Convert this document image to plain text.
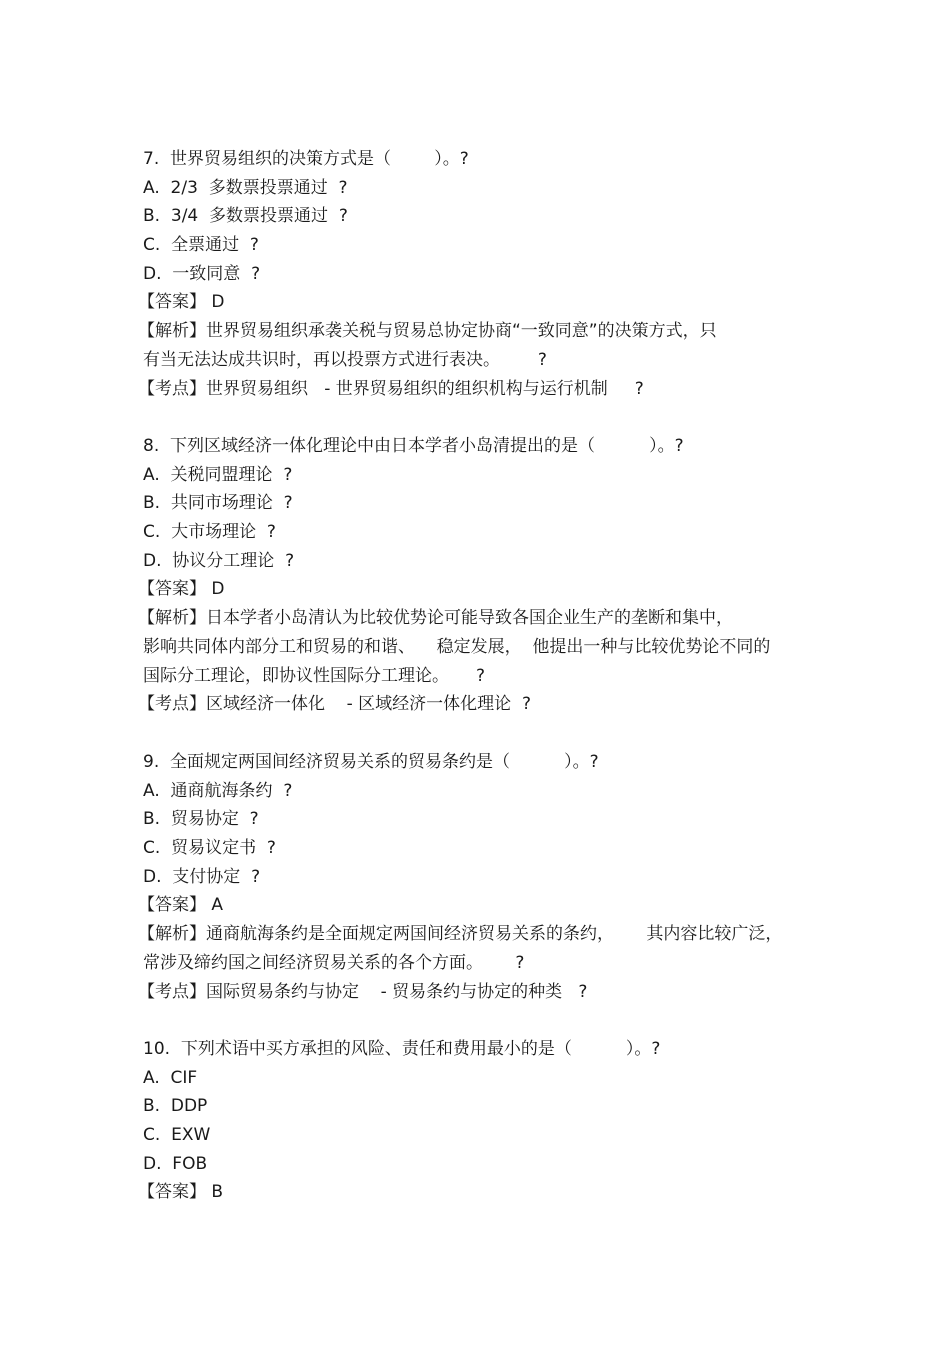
7.  世界贸易组织的决策方式是（        ）。?
A.  2/3  多数票投票通过  ?
B.  3/4  多数票投票通过  ?
C.  全票通过  ?
D.  一致同意  ?
【答案】 D
【解析】世界贸易组织承袭关税与贸易总协定协商“一致同意”的决策方式，只
有当无法达成共识时，再以投票方式进行表决。       ?
【考点】世界贸易组织   - 世界贸易组织的组织机构与运行机制     ?
8.  下列区域经济一体化理论中由日本学者小岛清提出的是（          ）。?
A.  关税同盟理论  ?
B.  共同市场理论  ?
C.  大市场理论  ?
D.  协议分工理论  ?
【答案】 D
【解析】日本学者小岛清认为比较优势论可能导致各国企业生产的垄断和集中，
影响共同体内部分工和贸易的和谐、    稳定发展，  他提出一种与比较优势论不同的
国际分工理论，即协议性国际分工理论。     ?
【考点】区域经济一体化    - 区域经济一体化理论  ?
9.  全面规定两国间经济贸易关系的贸易条约是（          ）。?
A.  通商航海条约  ?
B.  贸易协定  ?
C.  贸易议定书  ?
D.  支付协定  ?
【答案】 A
【解析】通商航海条约是全面规定两国间经济贸易关系的条约，      其内容比较广泛，
常涉及缔约国之间经济贸易关系的各个方面。      ?
【考点】国际贸易条约与协定    - 贸易条约与协定的种类   ?
10.  下列术语中买方承担的风险、责任和费用最小的是（          ）。?
A.  CIF
B.  DDP
C.  EXW
D.  FOB
【答案】 B
